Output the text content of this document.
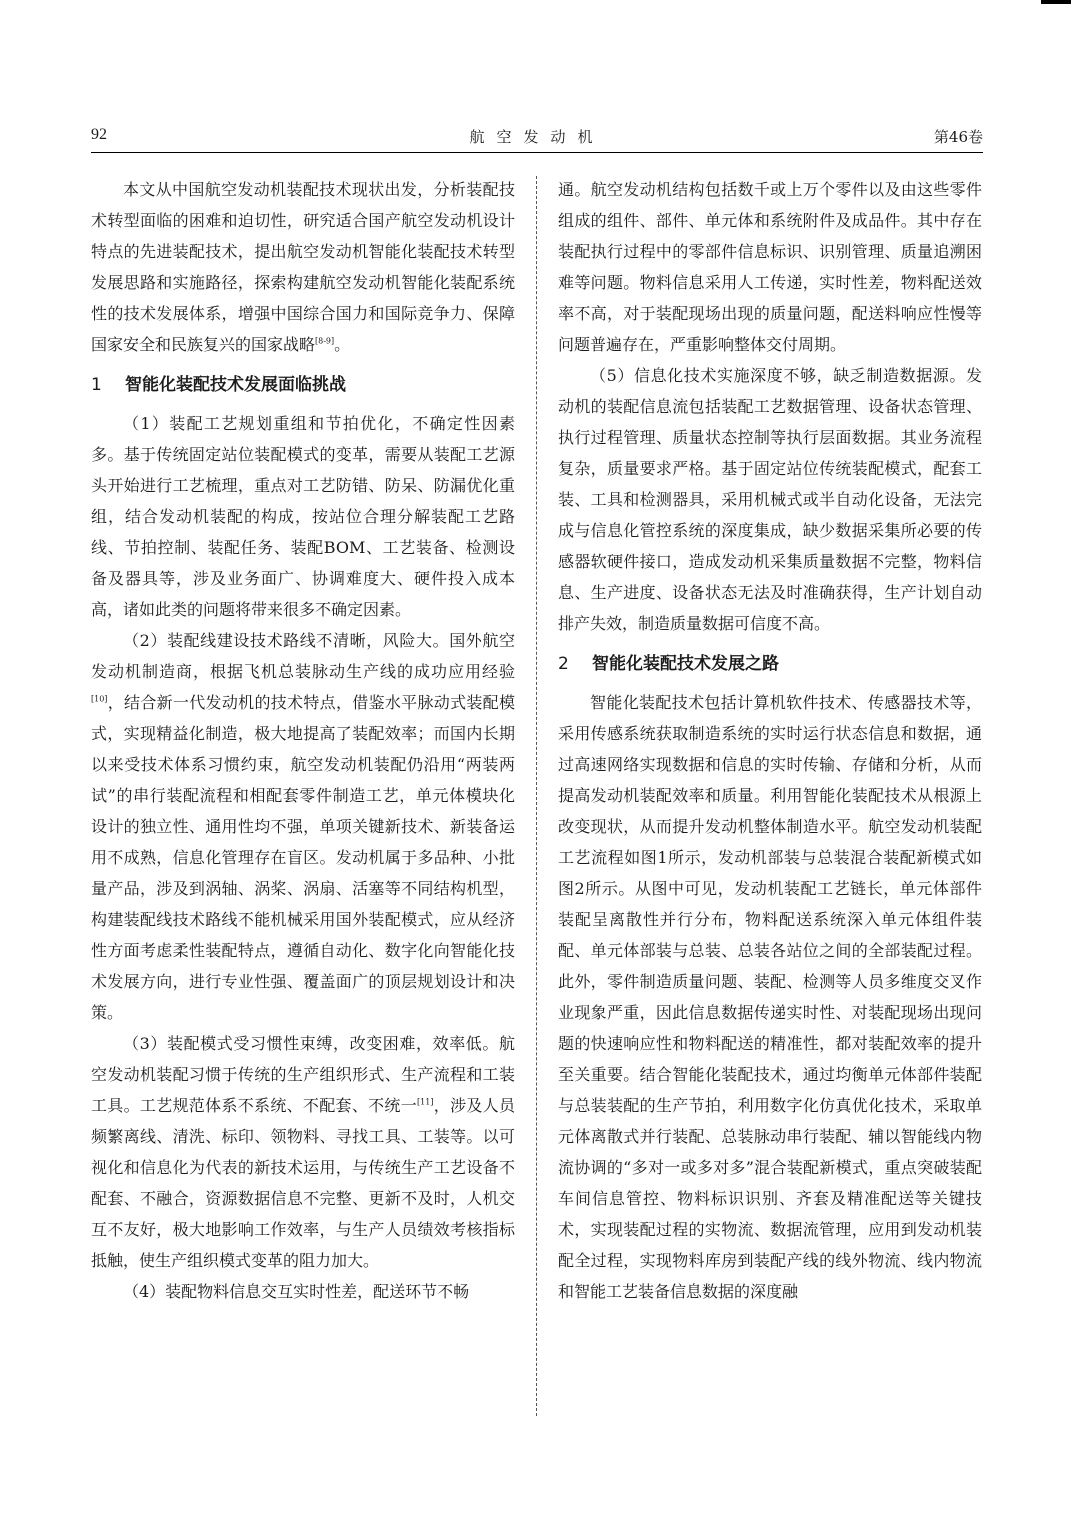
92	航空发动机	第46卷

本文从中国航空发动机装配技术现状出发，分析装配技术转型面临的困难和迫切性，研究适合国产航空发动机设计特点的先进装配技术，提出航空发动机智能化装配技术转型发展思路和实施路径，探索构建航空发动机智能化装配系统性的技术发展体系，增强中国综合国力和国际竞争力、保障国家安全和民族复兴的国家战略[8-9]。

1 智能化装配技术发展面临挑战

（1）装配工艺规划重组和节拍优化，不确定性因素多。基于传统固定站位装配模式的变革，需要从装配工艺源头开始进行工艺梳理，重点对工艺防错、防呆、防漏优化重组，结合发动机装配的构成，按站位合理分解装配工艺路线、节拍控制、装配任务、装配BOM、工艺装备、检测设备及器具等，涉及业务面广、协调难度大、硬件投入成本高，诸如此类的问题将带来很多不确定因素。

（2）装配线建设技术路线不清晰，风险大。国外航空发动机制造商，根据飞机总装脉动生产线的成功应用经验[10]，结合新一代发动机的技术特点，借鉴水平脉动式装配模式，实现精益化制造，极大地提高了装配效率；而国内长期以来受技术体系习惯约束，航空发动机装配仍沿用“两装两试”的串行装配流程和相配套零件制造工艺，单元体模块化设计的独立性、通用性均不强，单项关键新技术、新装备运用不成熟，信息化管理存在盲区。发动机属于多品种、小批量产品，涉及到涡轴、涡桨、涡扇、活塞等不同结构机型，构建装配线技术路线不能机械采用国外装配模式，应从经济性方面考虑柔性装配特点，遵循自动化、数字化向智能化技术发展方向，进行专业性强、覆盖面广的顶层规划设计和决策。

（3）装配模式受习惯性束缚，改变困难，效率低。航空发动机装配习惯于传统的生产组织形式、生产流程和工装工具。工艺规范体系不系统、不配套、不统一[11]，涉及人员频繁离线、清洗、标印、领物料、寻找工具、工装等。以可视化和信息化为代表的新技术运用，与传统生产工艺设备不配套、不融合，资源数据信息不完整、更新不及时，人机交互不友好，极大地影响工作效率，与生产人员绩效考核指标抵触，使生产组织模式变革的阻力加大。

（4）装配物料信息交互实时性差，配送环节不畅

通。航空发动机结构包括数千或上万个零件以及由这些零件组成的组件、部件、单元体和系统附件及成品件。其中存在装配执行过程中的零部件信息标识、识别管理、质量追溯困难等问题。物料信息采用人工传递，实时性差，物料配送效率不高，对于装配现场出现的质量问题，配送料响应性慢等问题普遍存在，严重影响整体交付周期。

（5）信息化技术实施深度不够，缺乏制造数据源。发动机的装配信息流包括装配工艺数据管理、设备状态管理、执行过程管理、质量状态控制等执行层面数据。其业务流程复杂，质量要求严格。基于固定站位传统装配模式，配套工装、工具和检测器具，采用机械式或半自动化设备，无法完成与信息化管控系统的深度集成，缺少数据采集所必要的传感器软硬件接口，造成发动机采集质量数据不完整，物料信息、生产进度、设备状态无法及时准确获得，生产计划自动排产失效，制造质量数据可信度不高。

2 智能化装配技术发展之路

智能化装配技术包括计算机软件技术、传感器技术等，采用传感系统获取制造系统的实时运行状态信息和数据，通过高速网络实现数据和信息的实时传输、存储和分析，从而提高发动机装配效率和质量。利用智能化装配技术从根源上改变现状，从而提升发动机整体制造水平。航空发动机装配工艺流程如图1所示，发动机部装与总装混合装配新模式如图2所示。从图中可见，发动机装配工艺链长，单元体部件装配呈离散性并行分布，物料配送系统深入单元体组件装配、单元体部装与总装、总装各站位之间的全部装配过程。此外，零件制造质量问题、装配、检测等人员多维度交叉作业现象严重，因此信息数据传递实时性、对装配现场出现问题的快速响应性和物料配送的精准性，都对装配效率的提升至关重要。结合智能化装配技术，通过均衡单元体部件装配与总装装配的生产节拍，利用数字化仿真优化技术，采取单元体离散式并行装配、总装脉动串行装配、辅以智能线内物流协调的“多对一或多对多”混合装配新模式，重点突破装配车间信息管控、物料标识识别、齐套及精准配送等关键技术，实现装配过程的实物流、数据流管理，应用到发动机装配全过程，实现物料库房到装配产线的线外物流、线内物流和智能工艺装备信息数据的深度融
